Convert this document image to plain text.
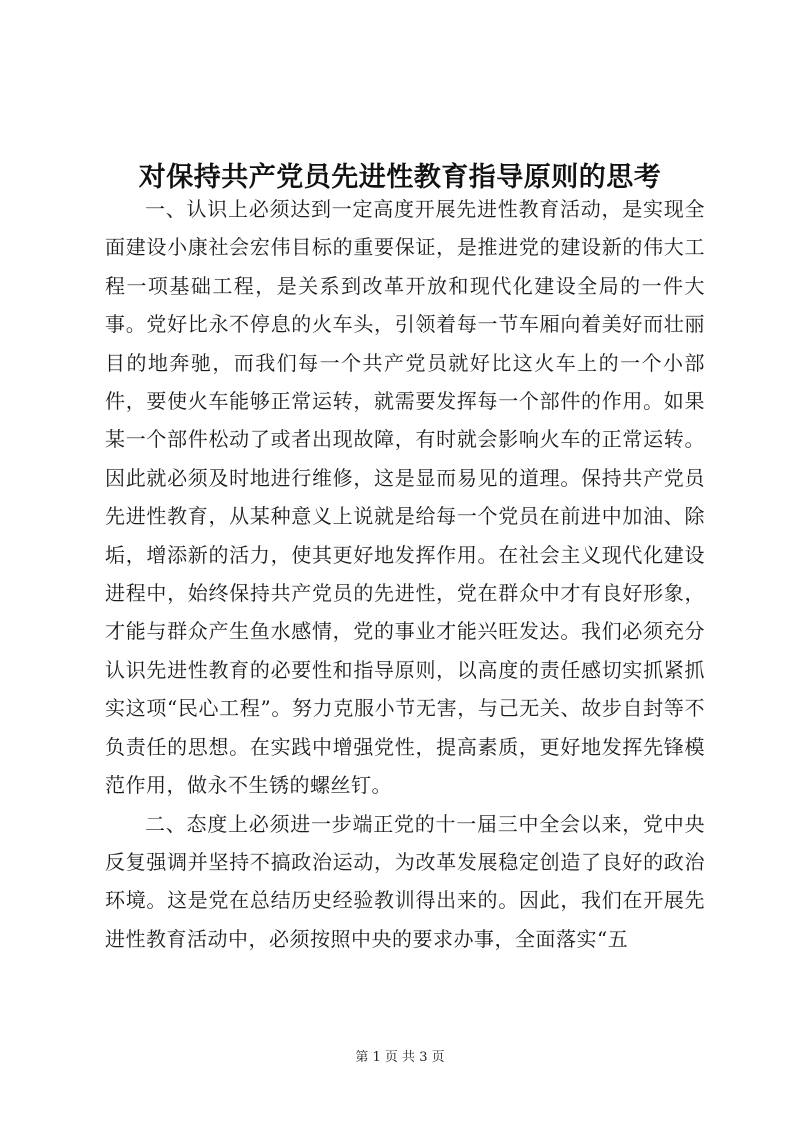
对保持共产党员先进性教育指导原则的思考

一、认识上必须达到一定高度开展先进性教育活动，是实现全面建设小康社会宏伟目标的重要保证，是推进党的建设新的伟大工程一项基础工程，是关系到改革开放和现代化建设全局的一件大事。党好比永不停息的火车头，引领着每一节车厢向着美好而壮丽目的地奔驰，而我们每一个共产党员就好比这火车上的一个小部件，要使火车能够正常运转，就需要发挥每一个部件的作用。如果某一个部件松动了或者出现故障，有时就会影响火车的正常运转。因此就必须及时地进行维修，这是显而易见的道理。保持共产党员先进性教育，从某种意义上说就是给每一个党员在前进中加油、除垢，增添新的活力，使其更好地发挥作用。在社会主义现代化建设进程中，始终保持共产党员的先进性，党在群众中才有良好形象，才能与群众产生鱼水感情，党的事业才能兴旺发达。我们必须充分认识先进性教育的必要性和指导原则，以高度的责任感切实抓紧抓实这项“民心工程”。努力克服小节无害，与己无关、故步自封等不负责任的思想。在实践中增强党性，提高素质，更好地发挥先锋模范作用，做永不生锈的螺丝钉。

二、态度上必须进一步端正党的十一届三中全会以来，党中央反复强调并坚持不搞政治运动，为改革发展稳定创造了良好的政治环境。这是党在总结历史经验教训得出来的。因此，我们在开展先进性教育活动中，必须按照中央的要求办事，全面落实“五

第 1 页 共 3 页
